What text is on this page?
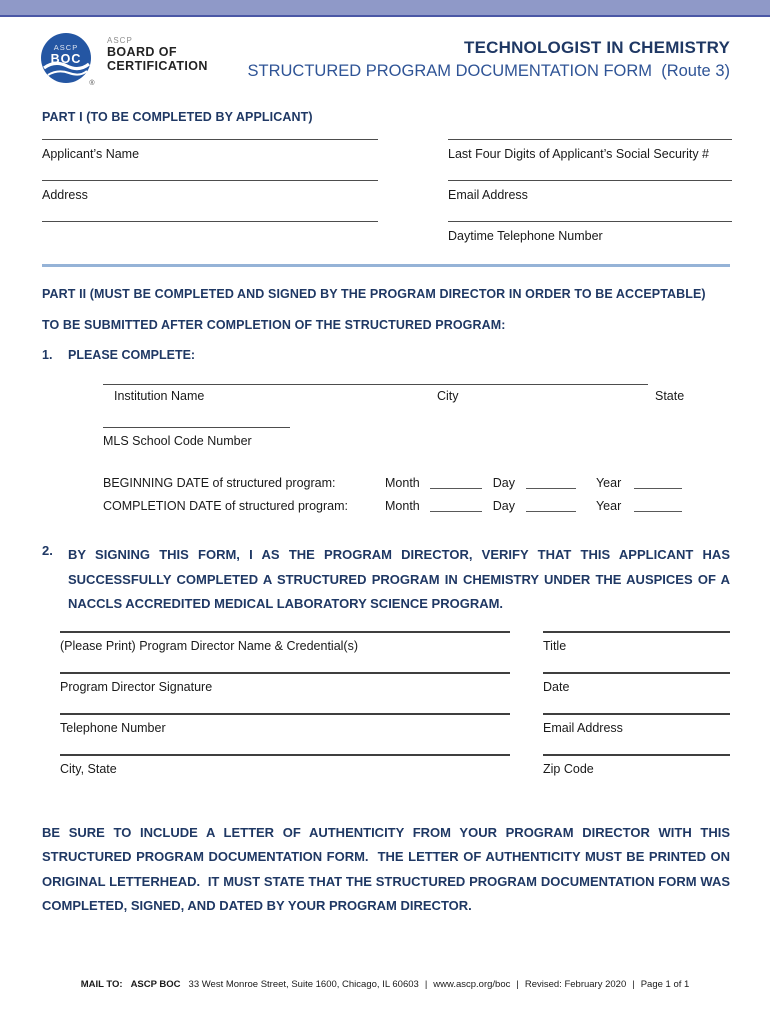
ASCP
BOC
®
ASCP
BOARD OF
CERTIFICATION
TECHNOLOGIST IN CHEMISTRY
STRUCTURED PROGRAM DOCUMENTATION FORM  (Route 3)
PART I (TO BE COMPLETED BY APPLICANT)
Applicant’s Name	Last Four Digits of Applicant’s Social Security #
Address	Email Address
Daytime Telephone Number
PART II (MUST BE COMPLETED AND SIGNED BY THE PROGRAM DIRECTOR IN ORDER TO BE ACCEPTABLE)
TO BE SUBMITTED AFTER COMPLETION OF THE STRUCTURED PROGRAM:
1.	PLEASE COMPLETE:
Institution Name	City	State
MLS School Code Number
BEGINNING DATE of structured program:	Month	Day	Year
COMPLETION DATE of structured program:	Month	Day	Year
2.	BY SIGNING THIS FORM, I AS THE PROGRAM DIRECTOR, VERIFY THAT THIS APPLICANT HAS SUCCESSFULLY COMPLETED A STRUCTURED PROGRAM IN CHEMISTRY UNDER THE AUSPICES OF A NACCLS ACCREDITED MEDICAL LABORATORY SCIENCE PROGRAM.
(Please Print) Program Director Name & Credential(s)	Title
Program Director Signature	Date
Telephone Number	Email Address
City, State	Zip Code
BE SURE TO INCLUDE A LETTER OF AUTHENTICITY FROM YOUR PROGRAM DIRECTOR WITH THIS STRUCTURED PROGRAM DOCUMENTATION FORM.  THE LETTER OF AUTHENTICITY MUST BE PRINTED ON ORIGINAL LETTERHEAD.  IT MUST STATE THAT THE STRUCTURED PROGRAM DOCUMENTATION FORM WAS COMPLETED, SIGNED, AND DATED BY YOUR PROGRAM DIRECTOR.
MAIL TO: ASCP BOC 33 West Monroe Street, Suite 1600, Chicago, IL 60603 | www.ascp.org/boc | Revised: February 2020 | Page 1 of 1
